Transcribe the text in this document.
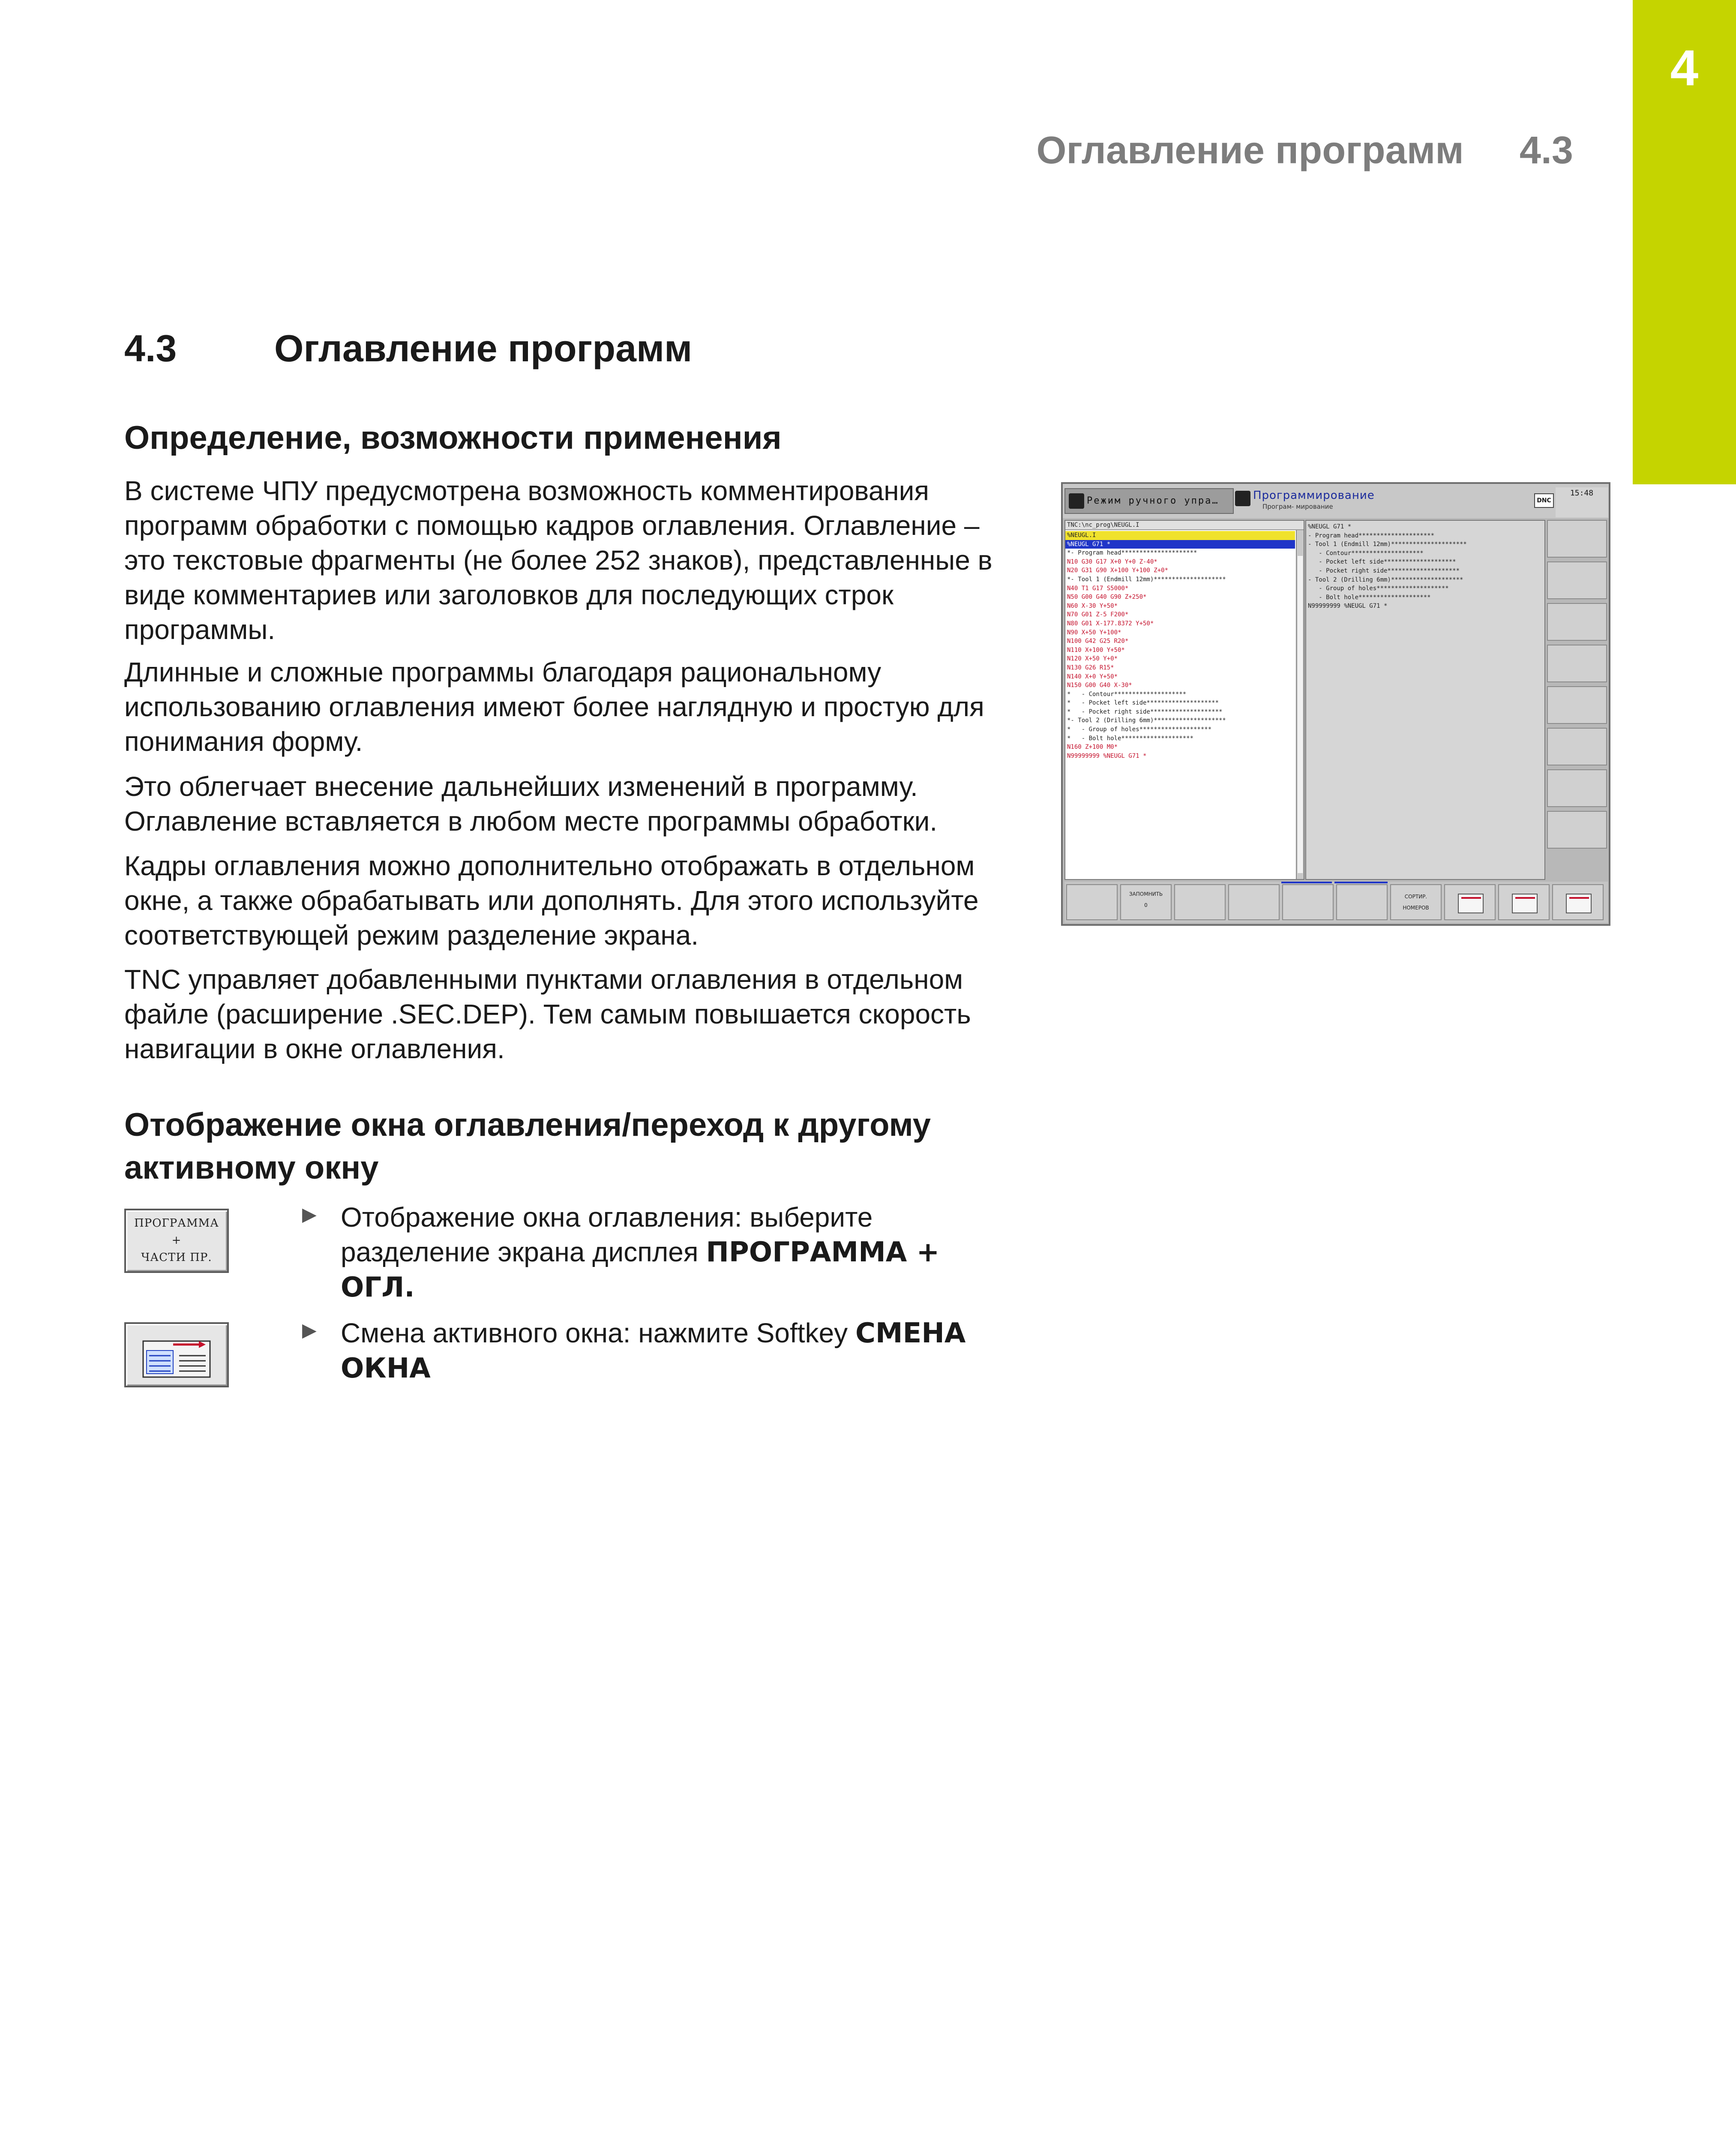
4
Оглавление программ 4.3
4.3	Оглавление программ
Определение, возможности применения
В системе ЧПУ предусмотрена возможность комментирования программ обработки с помощью кадров оглавления. Оглавление – это текстовые фрагменты (не более 252 знаков), представленные в виде комментариев или заголовков для последующих строк программы.
Длинные и сложные программы благодаря рациональному использованию оглавления имеют более наглядную и простую для понимания форму.
Это облегчает внесение дальнейших изменений в программу. Оглавление вставляется в любом месте программы обработки.
Кадры оглавления можно дополнительно отображать в отдельном окне, а также обрабатывать или дополнять. Для этого используйте соответствующей режим разделение экрана.
TNC управляет добавленными пунктами оглавления в отдельном файле (расширение .SEC.DEP). Тем самым повышается скорость навигации в окне оглавления.
Отображение окна оглавления/переход к другому активному окну
ПРОГРАММА
+
ЧАСТИ ПР.
▶ Отображение окна оглавления: выберите разделение экрана дисплея ПРОГРАММА + ОГЛ.
▶ Смена активного окна: нажмите Softkey СМЕНА ОКНА
Режим ручного упра…	Программирование
Програм- мирование
DNC
15:48
TNC:\nc_prog\NEUGL.I
%NEUGL.I
%NEUGL G71 *
*- Program head*********************
N10 G30 G17 X+0 Y+0 Z-40*
N20 G31 G90 X+100 Y+100 Z+0*
*- Tool 1 (Endmill 12mm)********************
N40 T1 G17 S5000*
N50 G00 G40 G90 Z+250*
N60 X-30 Y+50*
N70 G01 Z-5 F200*
N80 G01 X-177.8372 Y+50*
N90 X+50 Y+100*
N100 G42 G25 R20*
N110 X+100 Y+50*
N120 X+50 Y+0*
N130 G26 R15*
N140 X+0 Y+50*
N150 G00 G40 X-30*
*   - Contour********************
*   - Pocket left side********************
*   - Pocket right side********************
*- Tool 2 (Drilling 6mm)********************
*   - Group of holes********************
*   - Bolt hole********************
N160 Z+100 M0*
N99999999 %NEUGL G71 *
%NEUGL G71 *
- Program head*********************
- Tool 1 (Endmill 12mm)*********************
- Contour********************
- Pocket left side********************
- Pocket right side********************
- Tool 2 (Drilling 6mm)********************
- Group of holes********************
- Bolt hole********************
N99999999 %NEUGL G71 *
ЗАПОМНИТЬ
0
СОРТИР. НОМЕРОВ
